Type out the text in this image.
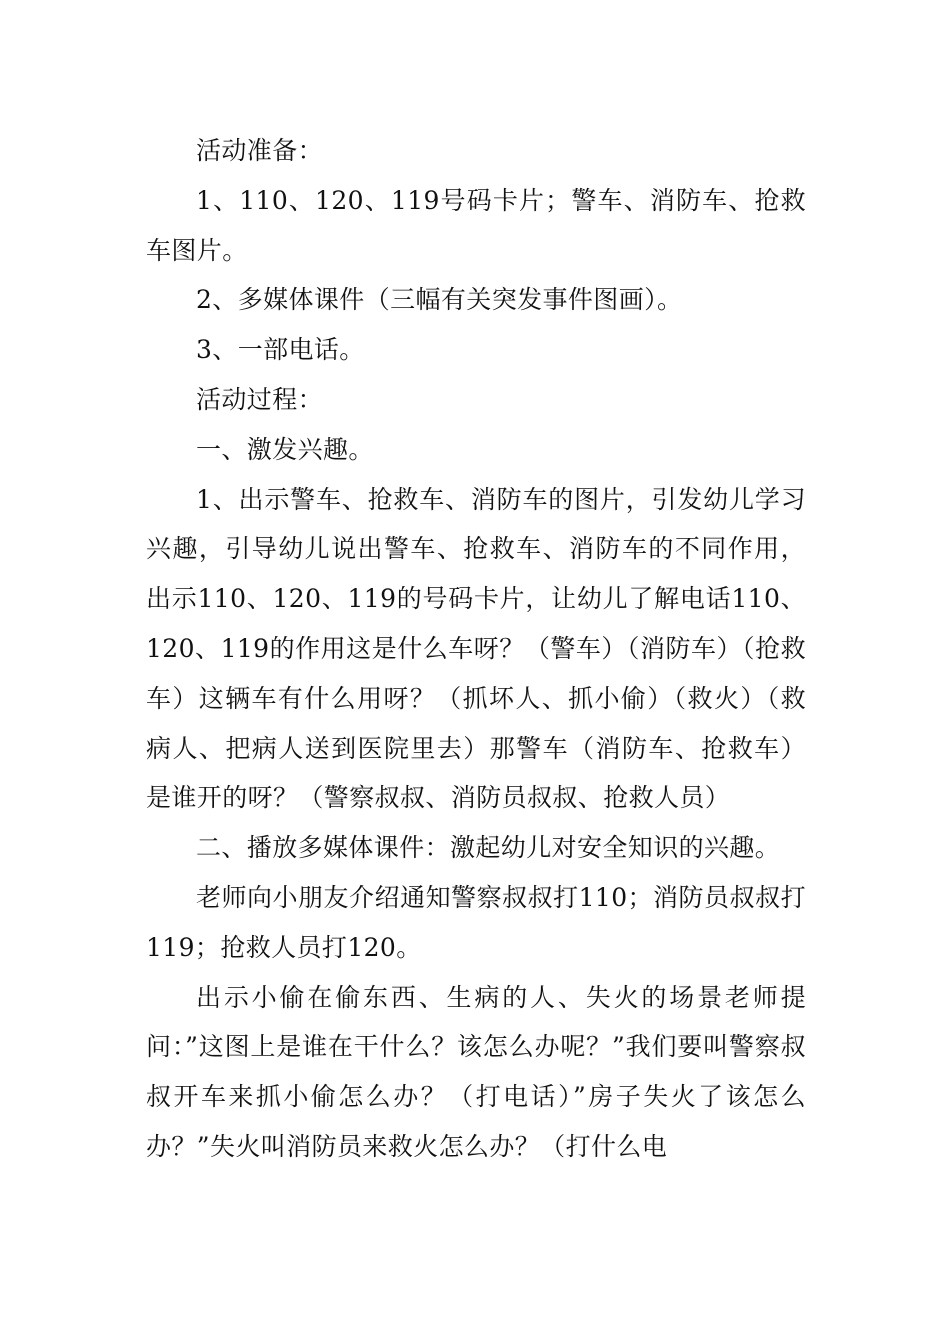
活动准备：

1、110、120、119号码卡片；警车、消防车、抢救车图片。

2、多媒体课件（三幅有关突发事件图画）。

3、一部电话。

活动过程：

一、激发兴趣。

1、出示警车、抢救车、消防车的图片，引发幼儿学习兴趣，引导幼儿说出警车、抢救车、消防车的不同作用，出示110、120、119的号码卡片，让幼儿了解电话110、120、119的作用这是什么车呀？（警车）（消防车）（抢救车）这辆车有什么用呀？（抓坏人、抓小偷）（救火）（救病人、把病人送到医院里去）那警车（消防车、抢救车）是谁开的呀？（警察叔叔、消防员叔叔、抢救人员）

二、播放多媒体课件：激起幼儿对安全知识的兴趣。

老师向小朋友介绍通知警察叔叔打110；消防员叔叔打119；抢救人员打120。

出示小偷在偷东西、生病的人、失火的场景老师提问：”这图上是谁在干什么？该怎么办呢？”我们要叫警察叔叔开车来抓小偷怎么办？（打电话）”房子失火了该怎么办？”失火叫消防员来救火怎么办？（打什么电
